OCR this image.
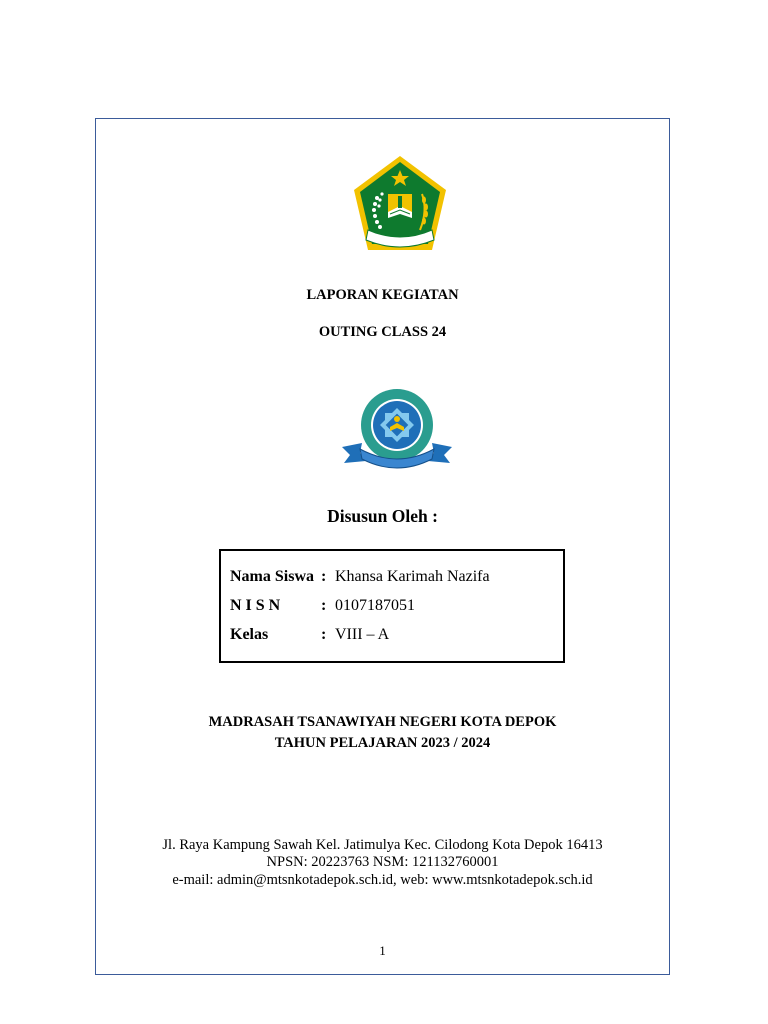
LAPORAN KEGIATAN
OUTING CLASS 24
Disusun Oleh :
Nama Siswa : Khansa Karimah Nazifa
N I S N	: 0107187051
Kelas	: VIII – A
MADRASAH TSANAWIYAH NEGERI KOTA DEPOK
TAHUN PELAJARAN 2023 / 2024
Jl. Raya Kampung Sawah Kel. Jatimulya Kec. Cilodong Kota Depok 16413
NPSN: 20223763 NSM: 121132760001
e-mail: admin@mtsnkotadepok.sch.id, web: www.mtsnkotadepok.sch.id
1
